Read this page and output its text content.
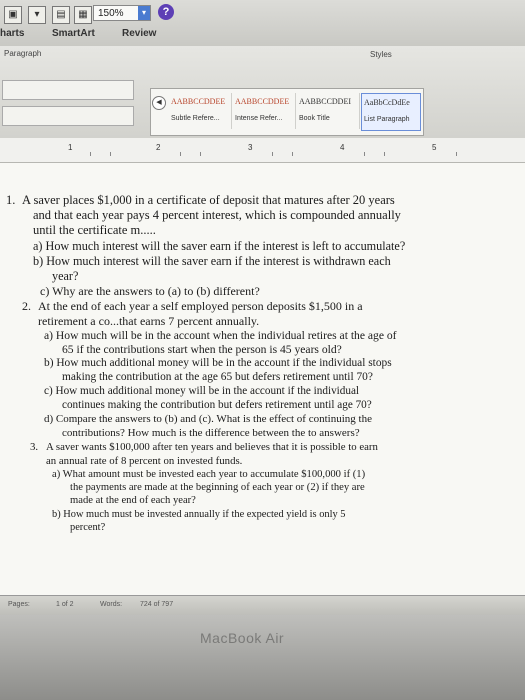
▣	▾	▤	▦	150%	▾	?
harts	SmartArt	Review
Paragraph	Styles
AABBCCDDEE
Subtle Refere...
AABBCCDDEE
Intense Refer...
AABBCCDDEI
Book Title
AaBbCcDdEe
List Paragraph
◀
1	2	3	4	5
1. A saver places $1,000 in a certificate of deposit that matures after 20 years
and that each year pays 4 percent interest, which is compounded annually
until the certificate m.....
a) How much interest will the saver earn if the interest is left to accumulate?
b) How much interest will the saver earn if the interest is withdrawn each
year?
c) Why are the answers to (a) to (b) different?
2. At the end of each year a self employed person deposits $1,500 in a
retirement a co...that earns 7 percent annually.
a) How much will be in the account when the individual retires at the age of
65 if the contributions start when the person is 45 years old?
b) How much additional money will be in the account if the individual stops
making the contribution at the age 65 but defers retirement until 70?
c) How much additional money will be in the account if the individual
continues making the contribution but defers retirement until age 70?
d) Compare the answers to (b) and (c). What is the effect of continuing the
contributions? How much is the difference between the to answers?
3. A saver wants $100,000 after ten years and believes that it is possible to earn
an annual rate of 8 percent on invested funds.
a) What amount must be invested each year to accumulate $100,000 if (1)
the payments are made at the beginning of each year or (2) if they are
made at the end of each year?
b) How much must be invested annually if the expected yield is only 5
percent?
Pages:	1 of 2	Words:	724 of 797
MacBook Air
